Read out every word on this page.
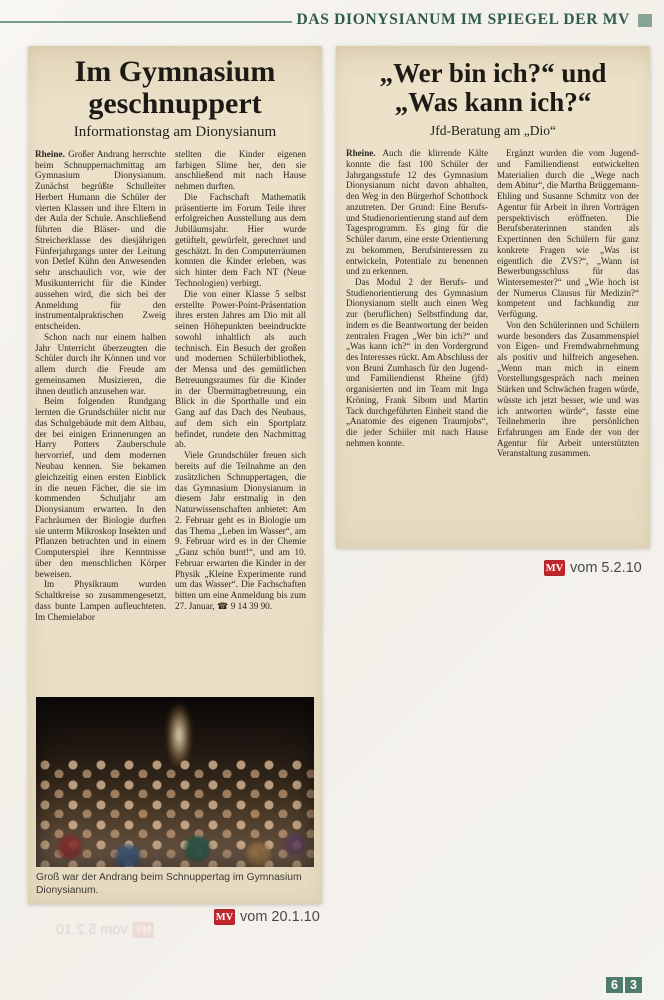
DAS DIONYSIANUM IM SPIEGEL DER MV
Im Gymnasium geschnuppert
Informationstag am Dionysianum

Rheine. Großer Andrang herrschte beim Schnuppernachmittag am Gymnasium Dionysianum. Zunächst begrüßte Schulleiter Herbert Humann die Schüler der vierten Klassen und ihre Eltern in der Aula der Schule. Anschließend führten die Bläser- und die Streicherklasse des diesjährigen Fünferjahrgangs unter der Leitung von Detlef Kühn den Anwesenden sehr anschaulich vor, wie der Musikunterricht für die Kinder aussehen wird, die sich bei der Anmeldung für den instrumentalpraktischen Zweig entscheiden.

Schon nach nur einem halben Jahr Unterricht überzeugten die Schüler durch ihr Können und vor allem durch die Freude am gemeinsamen Musizieren, die ihnen deutlich anzusehen war.

Beim folgenden Rundgang lernten die Grundschüler nicht nur das Schulgebäude mit dem Altbau, der bei einigen Erinnerungen an Harry Potters Zauberschule hervorrief, und dem modernen Neubau kennen. Sie bekamen gleichzeitig einen ersten Einblick in die neuen Fächer, die sie im kommenden Schuljahr am Dionysianum erwarten. In den Fachräumen der Biologie durften sie unterm Mikroskop Insekten und Pflanzen betrachten und in einem Computerspiel ihre Kenntnisse über den menschlichen Körper beweisen.

Im Physikraum wurden Schaltkreise so zusammengesetzt, dass bunte Lampen aufleuchteten. Im Chemielabor

stellten die Kinder eigenen farbigen Slime her, den sie anschließend mit nach Hause nehmen durften.

Die Fachschaft Mathematik präsentierte im Forum Teile ihrer erfolgreichen Ausstellung aus dem Jubiläumsjahr. Hier wurde getüftelt, gewürfelt, gerechnet und geschätzt. In den Computerräumen konnten die Kinder erleben, was sich hinter dem Fach NT (Neue Technologien) verbirgt.

Die von einer Klasse 5 selbst erstellte Power-Point-Präsentation ihres ersten Jahres am Dio mit all seinen Höhepunkten beeindruckte sowohl inhaltlich als auch technisch. Ein Besuch der großen und modernen Schülerbibliothek, der Mensa und des gemütlichen Betreuungsraumes für die Kinder in der Übermittagbetreuung, ein Blick in die Sporthalle und ein Gang auf das Dach des Neubaus, auf dem sich ein Sportplatz befindet, rundete den Nachmittag ab.

Viele Grundschüler freuen sich bereits auf die Teilnahme an den zusätzlichen Schnuppertagen, die das Gymnasium Dionysianum in diesem Jahr erstmalig in den Naturwissenschaften anbietet: Am 2. Februar geht es in Biologie um das Thema „Leben im Wasser“, am 9. Februar wird es in der Chemie „Ganz schön bunt!“, und am 10. Februar erwarten die Kinder in der Physik „Kleine Experimente rund um das Wasser“. Die Fachschaften bitten um eine Anmeldung bis zum 27. Januar, ☎ 9 14 39 90.

Groß war der Andrang beim Schnuppertag im Gymnasium Dionysianum.
MV vom 20.1.10
„Wer bin ich?“ und
„Was kann ich?“
Jfd-Beratung am „Dio“

Rheine. Auch die klirrende Kälte konnte die fast 100 Schüler der Jahrgangsstufe 12 des Gymnasium Dionysianum nicht davon abhalten, den Weg in den Bürgerhof Schotthock anzutreten. Der Grund: Eine Berufs- und Studienorientierung stand auf dem Tagesprogramm. Es ging für die Schüler darum, eine erste Orientierung zu bekommen, Berufsinteressen zu entwickeln, Potentiale zu benennen und zu erkennen.

Das Modul 2 der Berufs- und Studienorientierung des Gymnasium Dionysianum stellt auch einen Weg zur (beruflichen) Selbstfindung dar, indem es die Beantwortung der beiden zentralen Fragen „Wer bin ich?“ und „Was kann ich?“ in den Vordergrund des Interesses rückt. Am Abschluss der von Bruni Zumhasch für den Jugend- und Familiendienst Rheine (jfd) organisierten und im Team mit Inga Kröning, Frank Sibom und Martin Tack durchgeführten Einheit stand die „Anatomie des eigenen Traumjobs“, die jeder Schüler mit nach Hause nehmen konnte.

Ergänzt wurden die vom Jugend- und Familiendienst entwickelten Materialien durch die „Wege nach dem Abitur“, die Martha Brüggemann-Ehling und Susanne Schmitz von der Agentur für Arbeit in ihren Vorträgen perspektivisch eröffneten. Die Berufsberaterinnen standen als Expertinnen den Schülern für ganz konkrete Fragen wie „Was ist eigentlich die ZVS?“, „Wann ist Bewerbungsschluss für das Wintersemester?“ und „Wie hoch ist der Numerus Clausus für Medizin?“ kompetent und fachkundig zur Verfügung.

Von den Schülerinnen und Schülern wurde besonders das Zusammenspiel von Eigen- und Fremdwahrnehmung als positiv und hilfreich angesehen. „Wenn man mich in einem Vorstellungsgespräch nach meinen Stärken und Schwächen fragen würde, wüsste ich jetzt besser, wie und was ich antworten würde“, fasste eine Teilnehmerin ihre persönlichen Erfahrungen am Ende der von der Agentur für Arbeit unterstützten Veranstaltung zusammen.

MV vom 5.2.10
MV
vom 5.2.10
6 3
